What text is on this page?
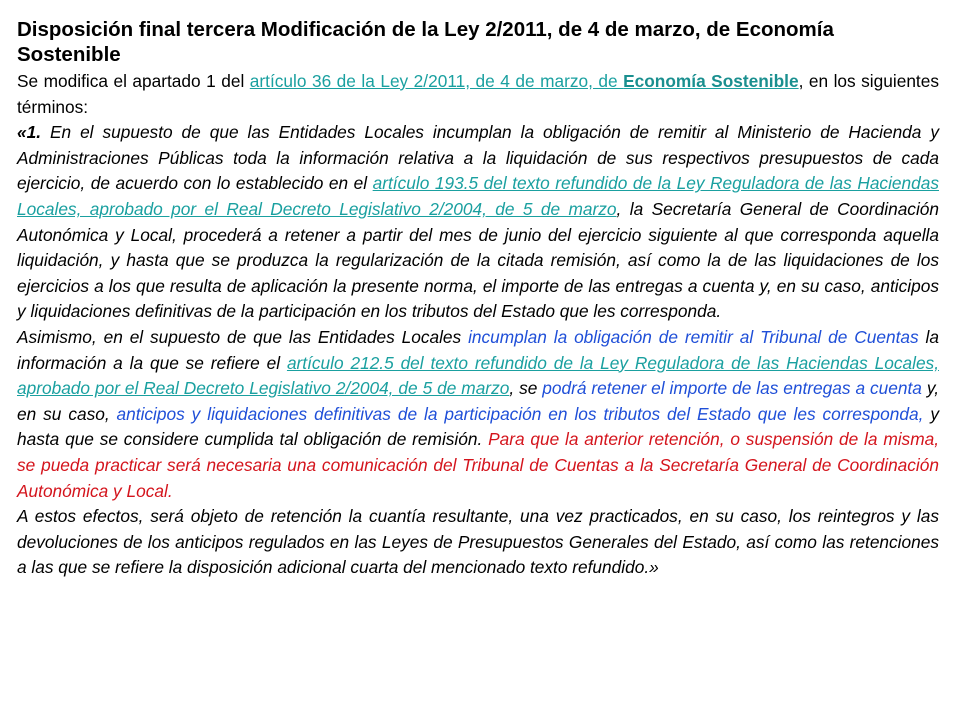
Disposición final tercera Modificación de la Ley 2/2011, de 4 de marzo, de Economía Sostenible

Se modifica el apartado 1 del artículo 36 de la Ley 2/2011, de 4 de marzo, de Economía Sostenible, en los siguientes términos:

«1. En el supuesto de que las Entidades Locales incumplan la obligación de remitir al Ministerio de Hacienda y Administraciones Públicas toda la información relativa a la liquidación de sus respectivos presupuestos de cada ejercicio, de acuerdo con lo establecido en el artículo 193.5 del texto refundido de la Ley Reguladora de las Haciendas Locales, aprobado por el Real Decreto Legislativo 2/2004, de 5 de marzo, la Secretaría General de Coordinación Autonómica y Local, procederá a retener a partir del mes de junio del ejercicio siguiente al que corresponda aquella liquidación, y hasta que se produzca la regularización de la citada remisión, así como la de las liquidaciones de los ejercicios a los que resulta de aplicación la presente norma, el importe de las entregas a cuenta y, en su caso, anticipos y liquidaciones definitivas de la participación en los tributos del Estado que les corresponda.

Asimismo, en el supuesto de que las Entidades Locales incumplan la obligación de remitir al Tribunal de Cuentas la información a la que se refiere el artículo 212.5 del texto refundido de la Ley Reguladora de las Haciendas Locales, aprobado por el Real Decreto Legislativo 2/2004, de 5 de marzo, se podrá retener el importe de las entregas a cuenta y, en su caso, anticipos y liquidaciones definitivas de la participación en los tributos del Estado que les corresponda, y hasta que se considere cumplida tal obligación de remisión. Para que la anterior retención, o suspensión de la misma, se pueda practicar será necesaria una comunicación del Tribunal de Cuentas a la Secretaría General de Coordinación Autonómica y Local.

A estos efectos, será objeto de retención la cuantía resultante, una vez practicados, en su caso, los reintegros y las devoluciones de los anticipos regulados en las Leyes de Presupuestos Generales del Estado, así como las retenciones a las que se refiere la disposición adicional cuarta del mencionado texto refundido.»
